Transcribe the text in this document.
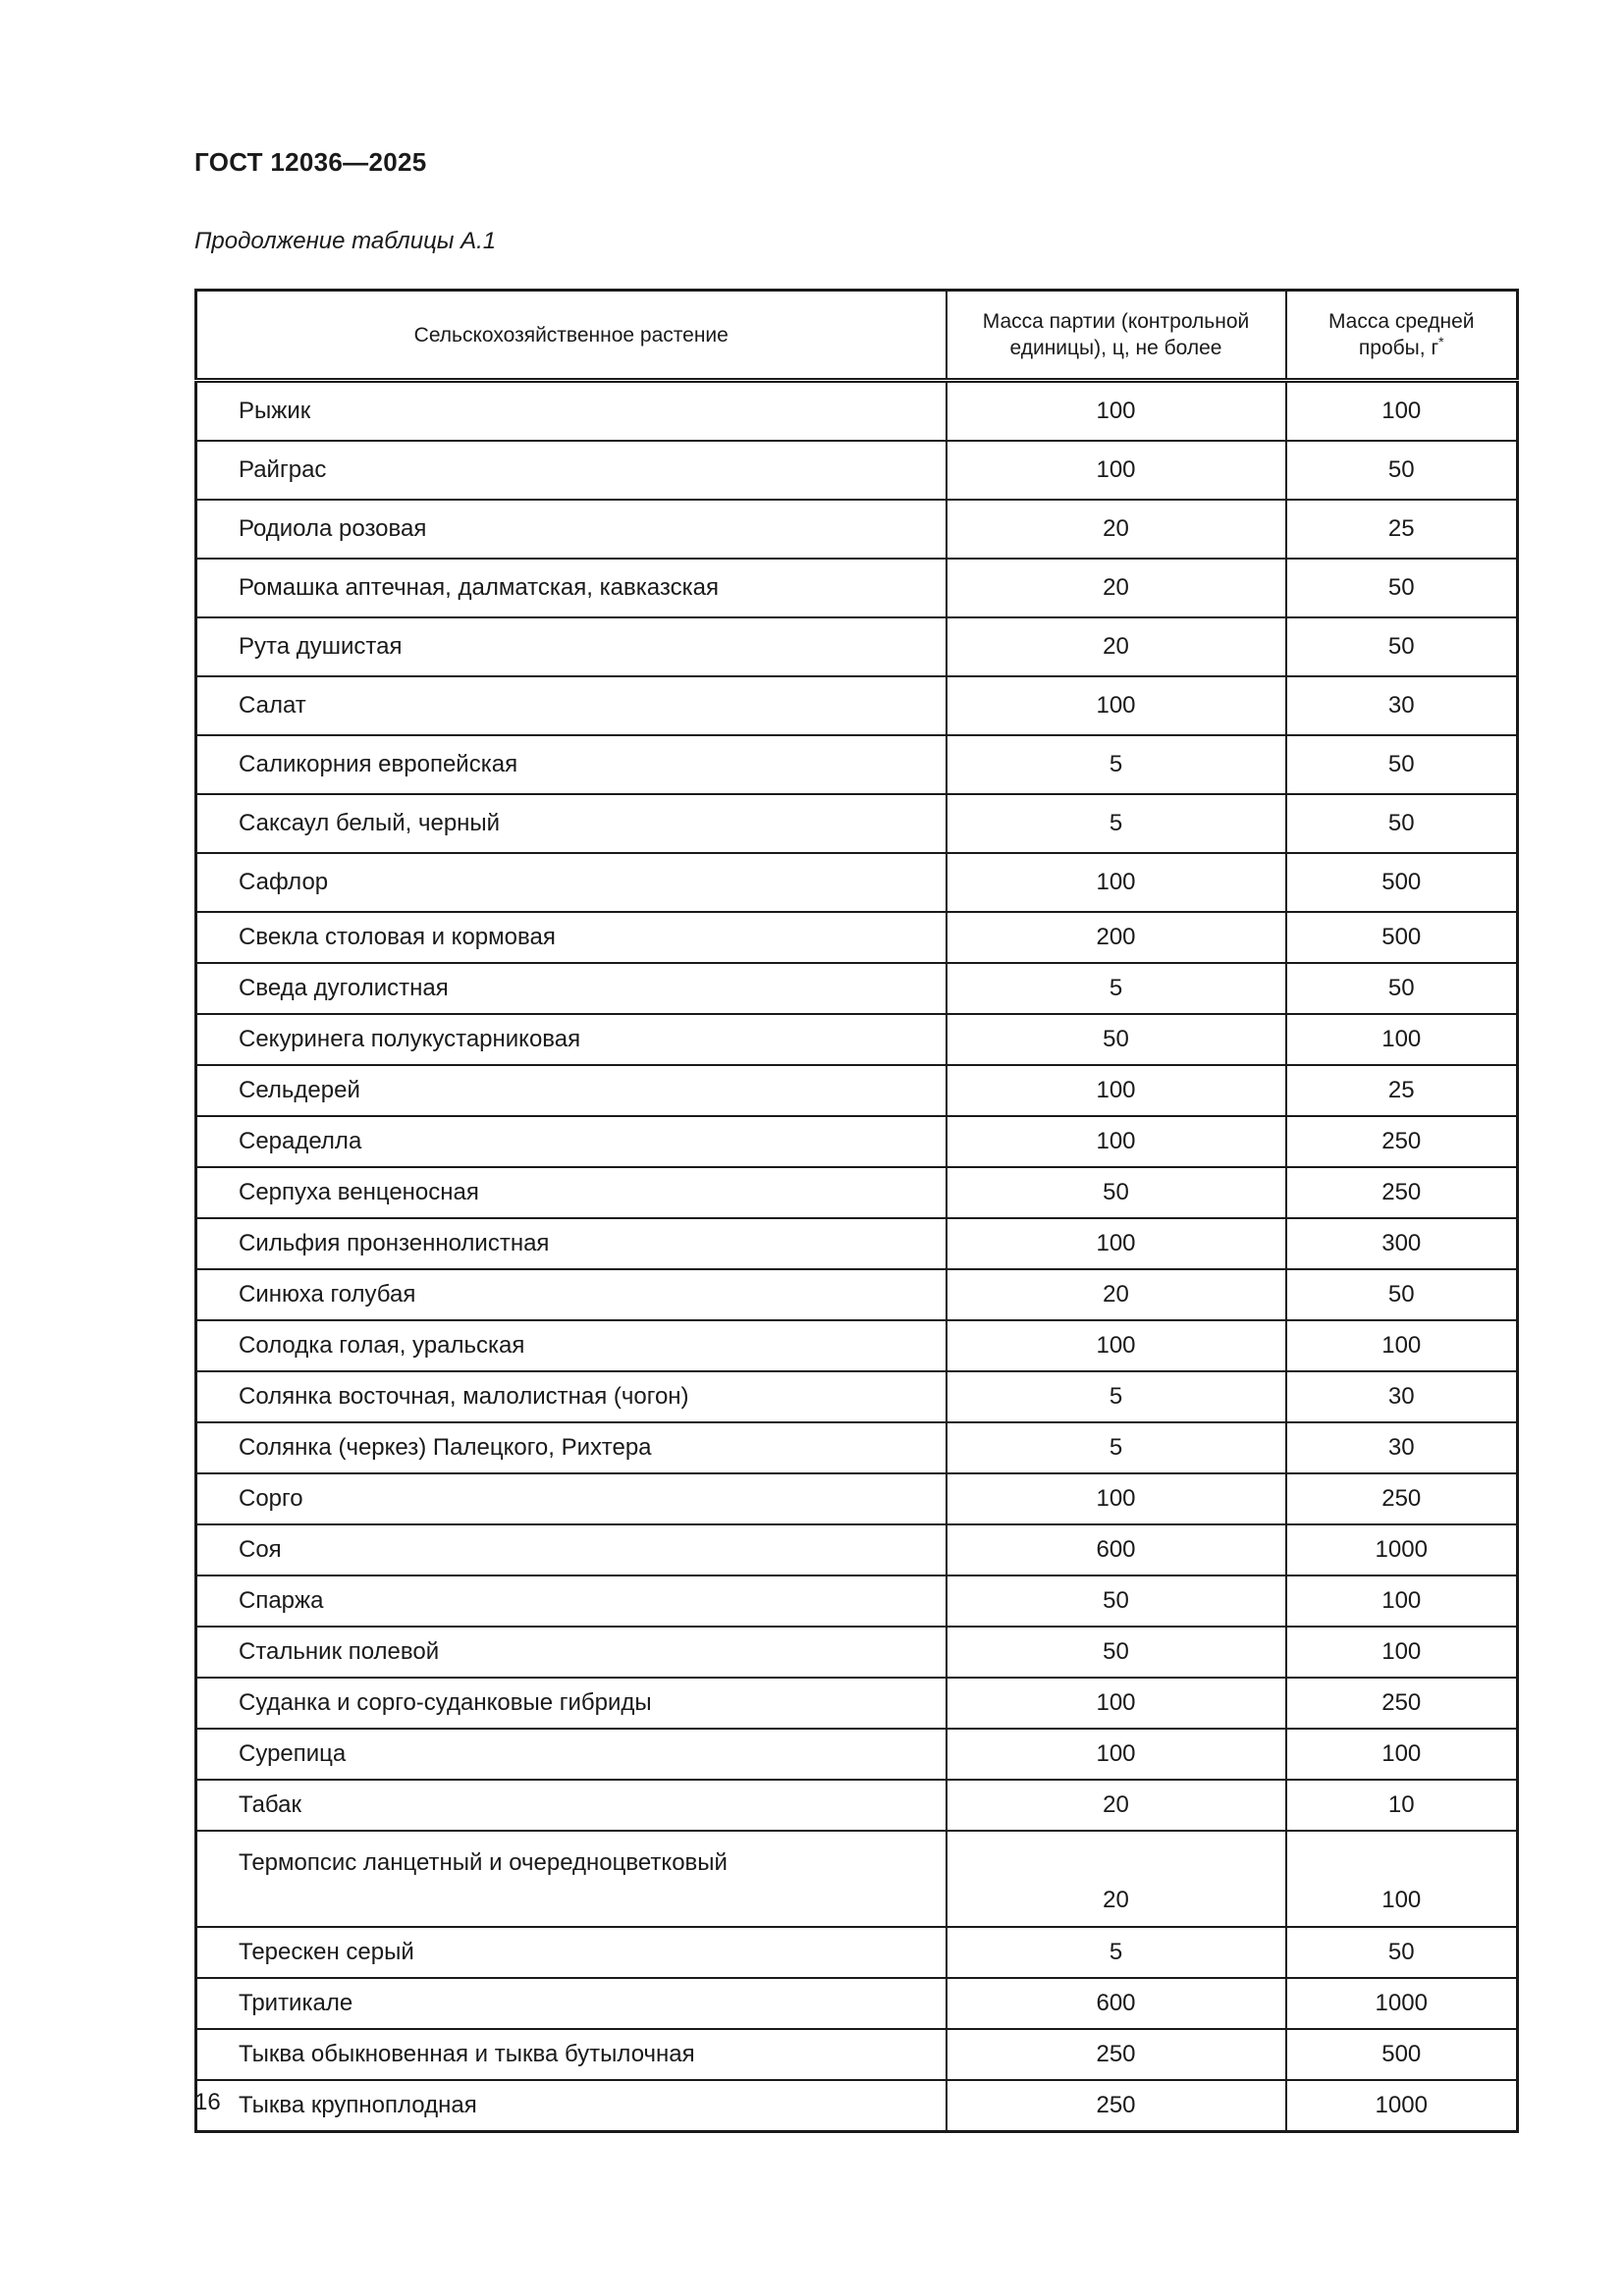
ГОСТ 12036—2025
Продолжение таблицы А.1
Сельскохозяйственное растение	Масса партии (контрольной единицы), ц, не более	Масса средней пробы, г*
Рыжик	100	100
Райграс	100	50
Родиола розовая	20	25
Ромашка аптечная, далматская, кавказская	20	50
Рута душистая	20	50
Салат	100	30
Саликорния европейская	5	50
Саксаул белый, черный	5	50
Сафлор	100	500
Свекла столовая и кормовая	200	500
Сведа дуголистная	5	50
Секуринега полукустарниковая	50	100
Сельдерей	100	25
Сераделла	100	250
Серпуха венценосная	50	250
Сильфия пронзеннолистная	100	300
Синюха голубая	20	50
Солодка голая, уральская	100	100
Солянка восточная, малолистная (чогон)	5	30
Солянка (черкез) Палецкого, Рихтера	5	30
Сорго	100	250
Соя	600	1000
Спаржа	50	100
Стальник полевой	50	100
Суданка и сорго-суданковые гибриды	100	250
Сурепица	100	100
Табак	20	10
Термопсис ланцетный и очередноцветковый	20	100
Терескен серый	5	50
Тритикале	600	1000
Тыква обыкновенная и тыква бутылочная	250	500
Тыква крупноплодная	250	1000
16
